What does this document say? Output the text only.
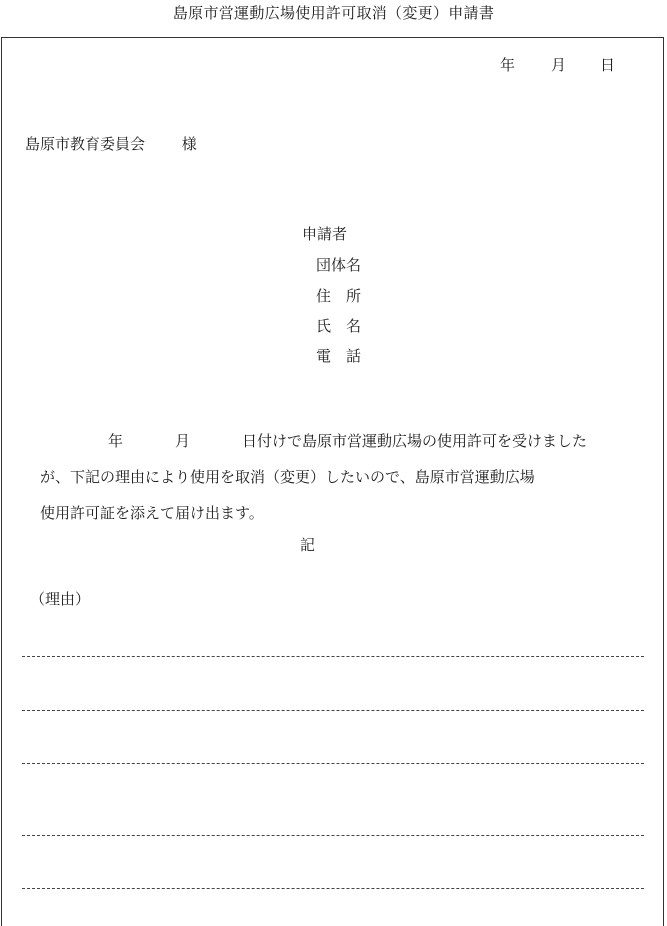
島原市営運動広場使用許可取消（変更）申請書
年 月 日
島原市教育委員会 様
申請者
団体名
住　所
氏　名
電　話
年	月	日付けで島原市営運動広場の使用許可を受けました
が、下記の理由により使用を取消（変更）したいので、島原市営運動広場
使用許可証を添えて届け出ます。
記
（理由）
